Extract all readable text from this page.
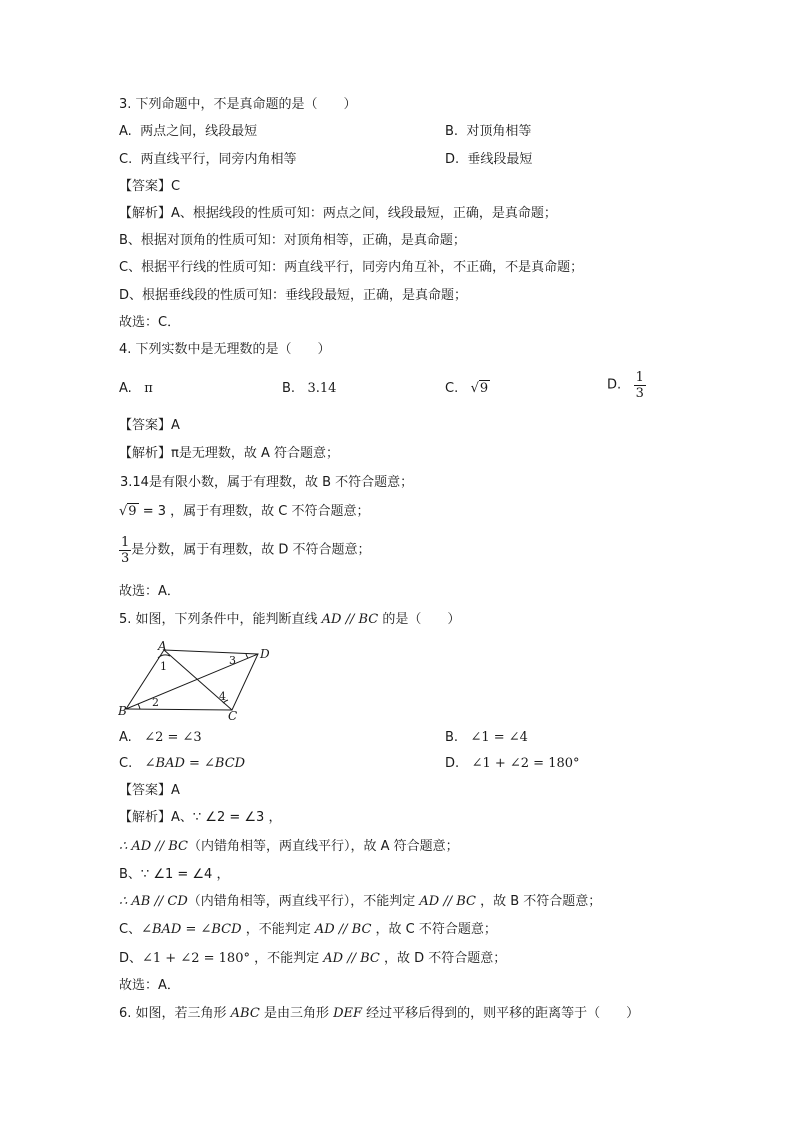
3. 下列命题中，不是真命题的是（　　）
A. 两点之间，线段最短	B. 对顶角相等
C. 两直线平行，同旁内角相等	D. 垂线段最短
【答案】C
【解析】A、根据线段的性质可知：两点之间，线段最短，正确，是真命题；
B、根据对顶角的性质可知：对顶角相等，正确，是真命题；
C、根据平行线的性质可知：两直线平行，同旁内角互补，不正确，不是真命题；
D、根据垂线段的性质可知：垂线段最短，正确，是真命题；
故选：C．
4. 下列实数中是无理数的是（　　）
A. π	B. 3.14	C. √9	D. $\frac{1}{3}$
【答案】A
【解析】π是无理数，故 A 符合题意；
3.14是有限小数，属于有理数，故 B 不符合题意；
√9 = 3 ，属于有理数，故 C 不符合题意；
$\frac{1}{3}$ 是分数，属于有理数，故 D 不符合题意；
故选：A．
5. 如图，下列条件中，能判断直线 AD // BC 的是（　　）
A
B	C
D
1
2
3
4
A. ∠2 = ∠3	B. ∠1 = ∠4
C. ∠BAD = ∠BCD	D. ∠1 + ∠2 = 180°
【答案】A
【解析】A、∵ ∠2 = ∠3 ，
∴ AD // BC（内错角相等，两直线平行），故 A 符合题意；
B、∵ ∠1 = ∠4 ，
∴ AB // CD（内错角相等，两直线平行），不能判定 AD // BC ，故 B 不符合题意；
C、∠BAD = ∠BCD ，不能判定 AD // BC ，故 C 不符合题意；
D、∠1 + ∠2 = 180° ，不能判定 AD // BC ，故 D 不符合题意；
故选：A．
6. 如图，若三角形 ABC 是由三角形 DEF 经过平移后得到的，则平移的距离等于（　　）
